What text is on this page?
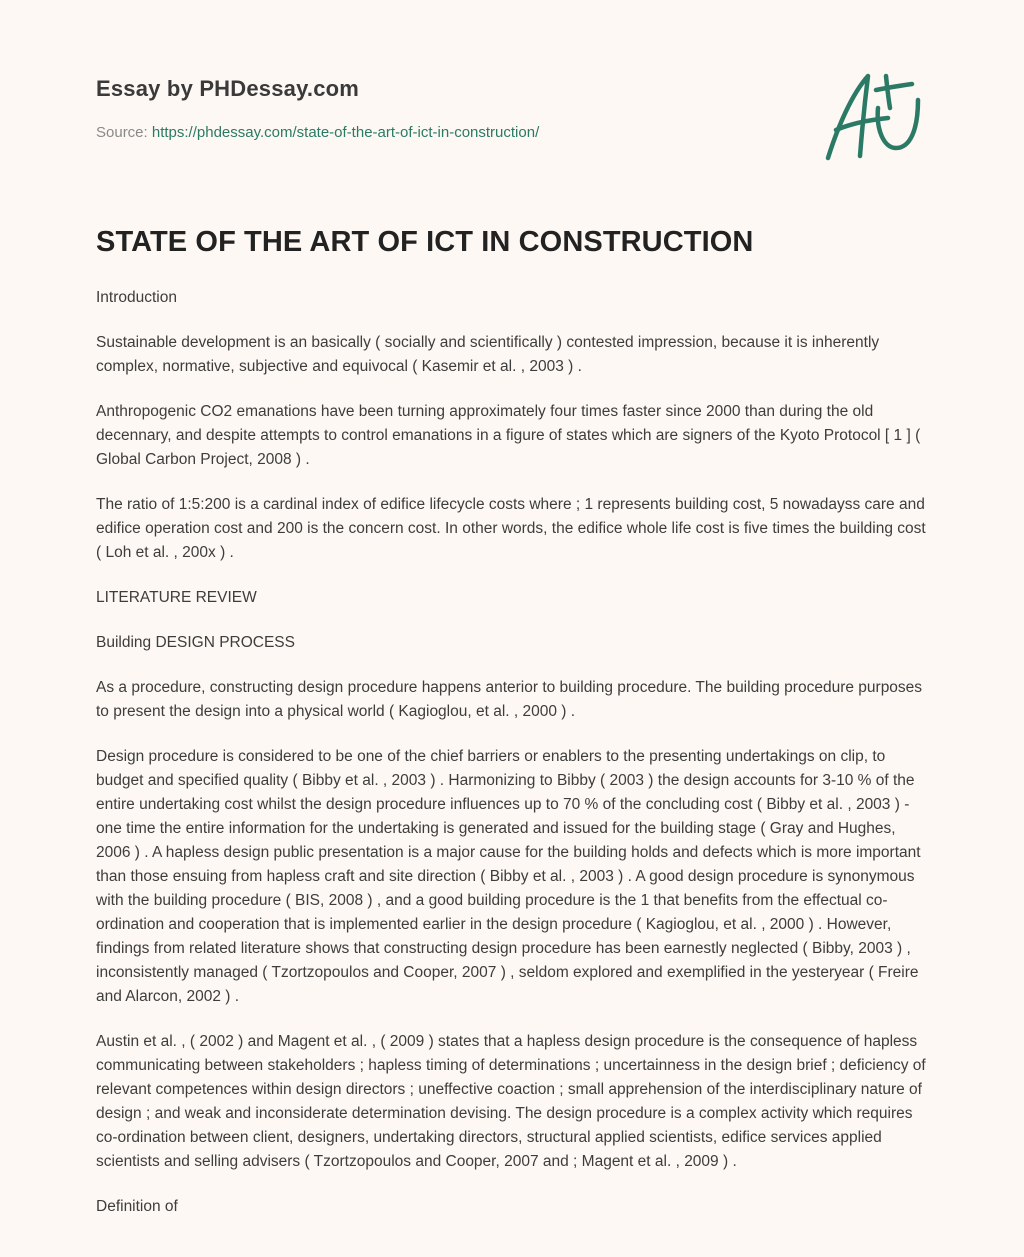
Essay by PHDessay.com
Source: https://phdessay.com/state-of-the-art-of-ict-in-construction/
STATE OF THE ART OF ICT IN CONSTRUCTION

Introduction

Sustainable development is an basically ( socially and scientifically ) contested impression, because it is inherently complex, normative, subjective and equivocal ( Kasemir et al. , 2003 ) .

Anthropogenic CO2 emanations have been turning approximately four times faster since 2000 than during the old decennary, and despite attempts to control emanations in a figure of states which are signers of the Kyoto Protocol [ 1 ] ( Global Carbon Project, 2008 ) .

The ratio of 1:5:200 is a cardinal index of edifice lifecycle costs where ; 1 represents building cost, 5 nowadayss care and edifice operation cost and 200 is the concern cost. In other words, the edifice whole life cost is five times the building cost ( Loh et al. , 200x ) .

LITERATURE REVIEW

Building DESIGN PROCESS

As a procedure, constructing design procedure happens anterior to building procedure. The building procedure purposes to present the design into a physical world ( Kagioglou, et al. , 2000 ) .

Design procedure is considered to be one of the chief barriers or enablers to the presenting undertakings on clip, to budget and specified quality ( Bibby et al. , 2003 ) . Harmonizing to Bibby ( 2003 ) the design accounts for 3-10 % of the entire undertaking cost whilst the design procedure influences up to 70 % of the concluding cost ( Bibby et al. , 2003 ) - one time the entire information for the undertaking is generated and issued for the building stage ( Gray and Hughes, 2006 ) . A hapless design public presentation is a major cause for the building holds and defects which is more important than those ensuing from hapless craft and site direction ( Bibby et al. , 2003 ) . A good design procedure is synonymous with the building procedure ( BIS, 2008 ) , and a good building procedure is the 1 that benefits from the effectual co-ordination and cooperation that is implemented earlier in the design procedure ( Kagioglou, et al. , 2000 ) . However, findings from related literature shows that constructing design procedure has been earnestly neglected ( Bibby, 2003 ) , inconsistently managed ( Tzortzopoulos and Cooper, 2007 ) , seldom explored and exemplified in the yesteryear ( Freire and Alarcon, 2002 ) .

Austin et al. , ( 2002 ) and Magent et al. , ( 2009 ) states that a hapless design procedure is the consequence of hapless communicating between stakeholders ; hapless timing of determinations ; uncertainness in the design brief ; deficiency of relevant competences within design directors ; uneffective coaction ; small apprehension of the interdisciplinary nature of design ; and weak and inconsiderate determination devising. The design procedure is a complex activity which requires co-ordination between client, designers, undertaking directors, structural applied scientists, edifice services applied scientists and selling advisers ( Tzortzopoulos and Cooper, 2007 and ; Magent et al. , 2009 ) .

Definition of
